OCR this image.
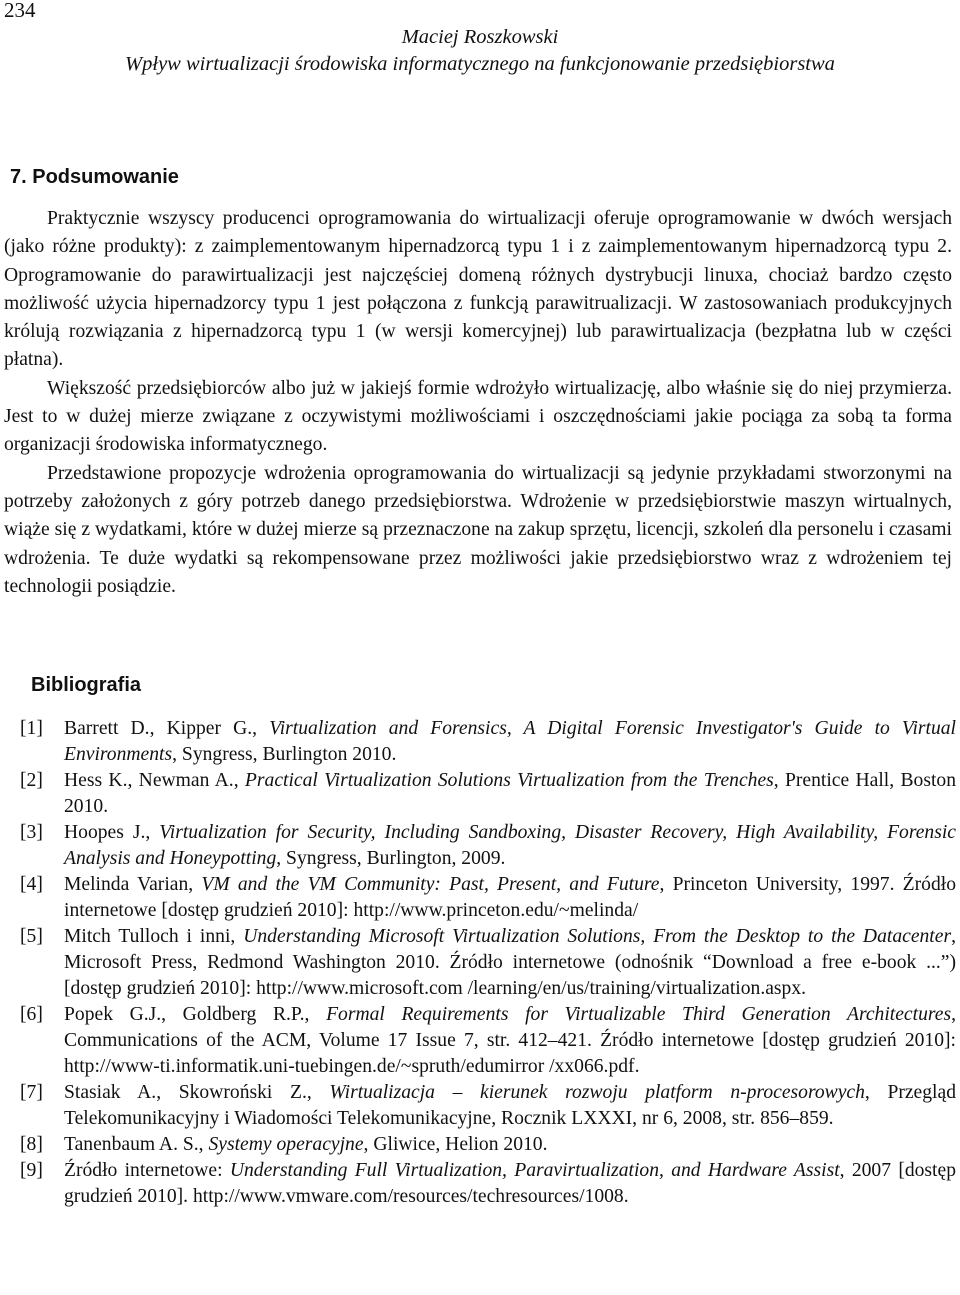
234
Maciej Roszkowski
Wpływ wirtualizacji środowiska informatycznego na funkcjonowanie przedsiębiorstwa
7. Podsumowanie

Praktycznie wszyscy producenci oprogramowania do wirtualizacji oferuje oprogramowanie w dwóch wersjach (jako różne produkty): z zaimplementowanym hipernadzorcą typu 1 i z zaimplementowanym hipernadzorcą typu 2. Oprogramowanie do parawirtualizacji jest najczęściej domeną różnych dystrybucji linuxa, chociaż bardzo często możliwość użycia hipernadzorcy typu 1 jest połączona z funkcją parawitrualizacji. W zastosowaniach produkcyjnych królują rozwiązania z hipernadzorcą typu 1 (w wersji komercyjnej) lub parawirtualizacja (bezpłatna lub w części płatna).

Większość przedsiębiorców albo już w jakiejś formie wdrożyło wirtualizację, albo właśnie się do niej przymierza. Jest to w dużej mierze związane z oczywistymi możliwościami i oszczędnościami jakie pociąga za sobą ta forma organizacji środowiska informatycznego.

Przedstawione propozycje wdrożenia oprogramowania do wirtualizacji są jedynie przykładami stworzonymi na potrzeby założonych z góry potrzeb danego przedsiębiorstwa. Wdrożenie w przedsiębiorstwie maszyn wirtualnych, wiąże się z wydatkami, które w dużej mierze są przeznaczone na zakup sprzętu, licencji, szkoleń dla personelu i czasami wdrożenia. Te duże wydatki są rekompensowane przez możliwości jakie przedsiębiorstwo wraz z wdrożeniem tej technologii posiądzie.

Bibliografia
[1]	Barrett D., Kipper G., Virtualization and Forensics, A Digital Forensic Investigator's Guide to Virtual Environments, Syngress, Burlington 2010.
[2]	Hess K., Newman A., Practical Virtualization Solutions Virtualization from the Trenches, Prentice Hall, Boston 2010.
[3]	Hoopes J., Virtualization for Security, Including Sandboxing, Disaster Recovery, High Availability, Forensic Analysis and Honeypotting, Syngress, Burlington, 2009.
[4]	Melinda Varian, VM and the VM Community: Past, Present, and Future, Princeton University, 1997. Źródło internetowe [dostęp grudzień 2010]: http://www.princeton.edu/~melinda/
[5]	Mitch Tulloch i inni, Understanding Microsoft Virtualization Solutions, From the Desktop to the Datacenter, Microsoft Press, Redmond Washington 2010. Źródło internetowe (odnośnik “Download a free e-book ...”) [dostęp grudzień 2010]: http://www.microsoft.com /learning/en/us/training/virtualization.aspx.
[6]	Popek G.J., Goldberg R.P., Formal Requirements for Virtualizable Third Generation Architectures, Communications of the ACM, Volume 17 Issue 7, str. 412–421. Źródło internetowe [dostęp grudzień 2010]: http://www-ti.informatik.uni-tuebingen.de/~spruth/edumirror /xx066.pdf.
[7]	Stasiak A., Skowroński Z., Wirtualizacja – kierunek rozwoju platform n-procesorowych, Przegląd Telekomunikacyjny i Wiadomości Telekomunikacyjne, Rocznik LXXXI, nr 6, 2008, str. 856–859.
[8]	Tanenbaum A. S., Systemy operacyjne, Gliwice, Helion 2010.
[9]	Źródło internetowe: Understanding Full Virtualization, Paravirtualization, and Hardware Assist, 2007 [dostęp grudzień 2010]. http://www.vmware.com/resources/techresources/1008.
